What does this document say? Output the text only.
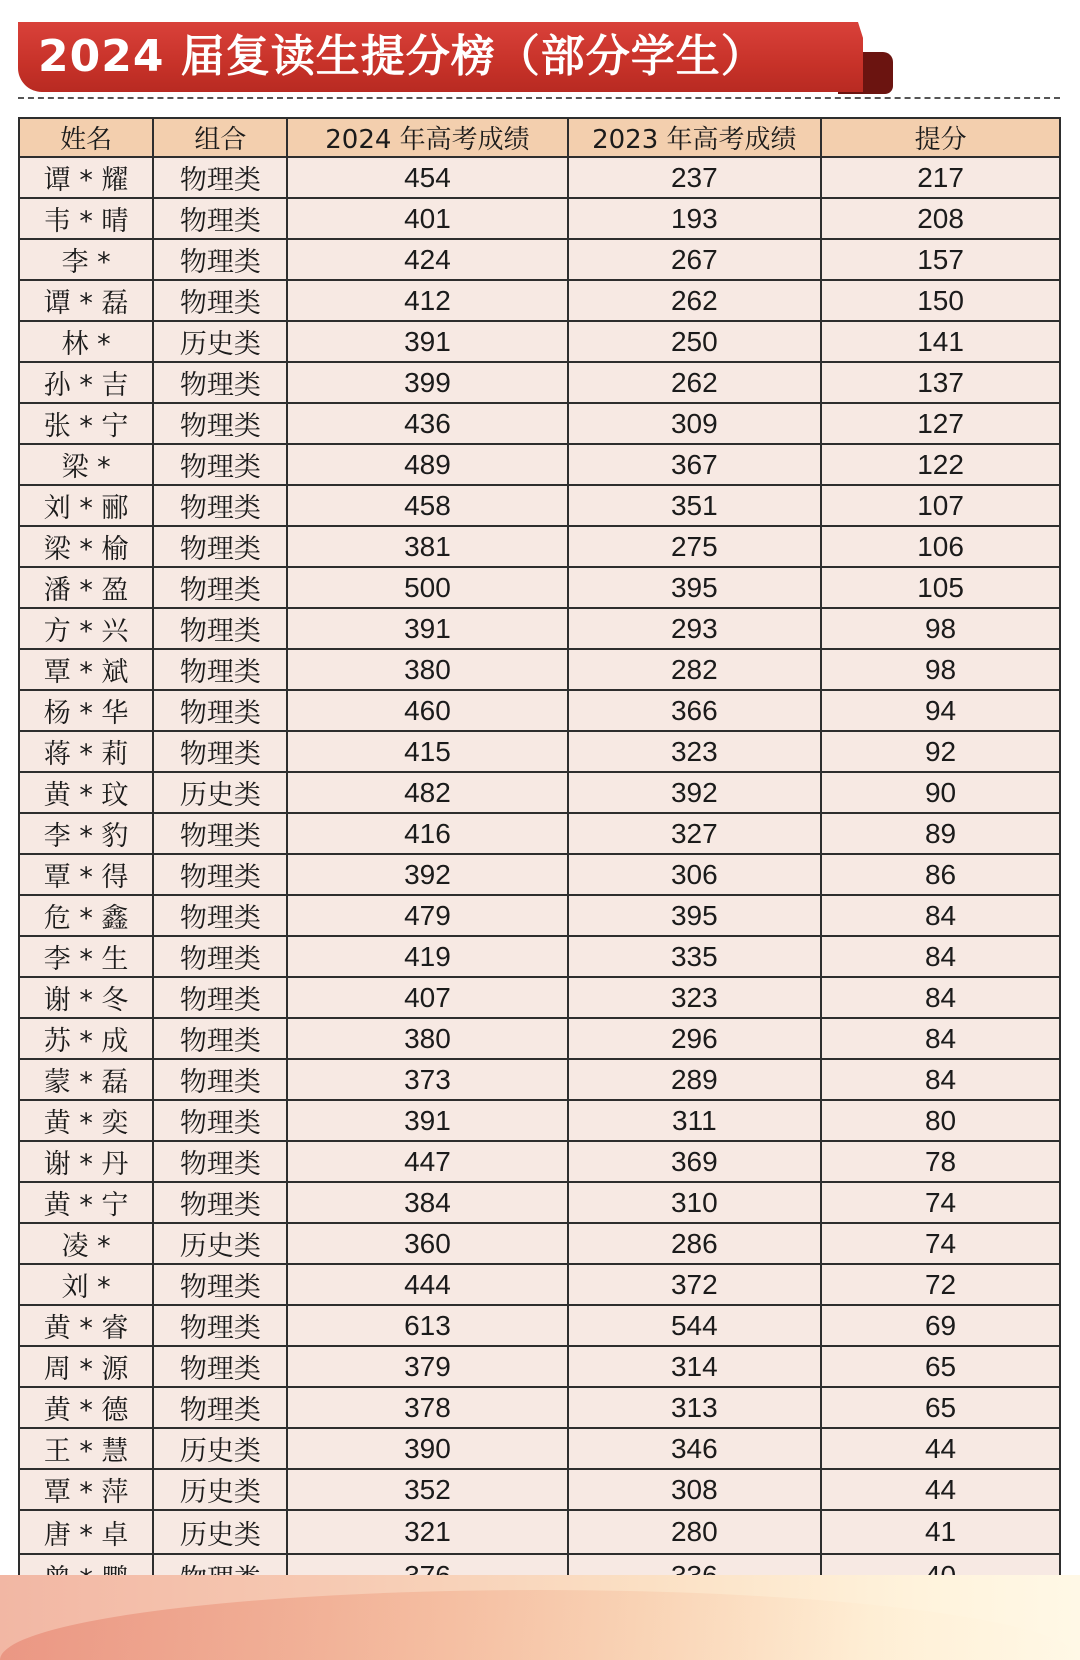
2024 届复读生提分榜（部分学生）
姓名	组合	2024 年高考成绩	2023 年高考成绩	提分
谭 * 耀	物理类	454	237	217
韦 * 晴	物理类	401	193	208
李 *	物理类	424	267	157
谭 * 磊	物理类	412	262	150
林 *	历史类	391	250	141
孙 * 吉	物理类	399	262	137
张 * 宁	物理类	436	309	127
梁 *	物理类	489	367	122
刘 * 郦	物理类	458	351	107
梁 * 榆	物理类	381	275	106
潘 * 盈	物理类	500	395	105
方 * 兴	物理类	391	293	98
覃 * 斌	物理类	380	282	98
杨 * 华	物理类	460	366	94
蒋 * 莉	物理类	415	323	92
黄 * 玟	历史类	482	392	90
李 * 豹	物理类	416	327	89
覃 * 得	物理类	392	306	86
危 * 鑫	物理类	479	395	84
李 * 生	物理类	419	335	84
谢 * 冬	物理类	407	323	84
苏 * 成	物理类	380	296	84
蒙 * 磊	物理类	373	289	84
黄 * 奕	物理类	391	311	80
谢 * 丹	物理类	447	369	78
黄 * 宁	物理类	384	310	74
凌 *	历史类	360	286	74
刘 *	物理类	444	372	72
黄 * 睿	物理类	613	544	69
周 * 源	物理类	379	314	65
黄 * 德	物理类	378	313	65
王 * 慧	历史类	390	346	44
覃 * 萍	历史类	352	308	44
唐 * 卓	历史类	321	280	41
